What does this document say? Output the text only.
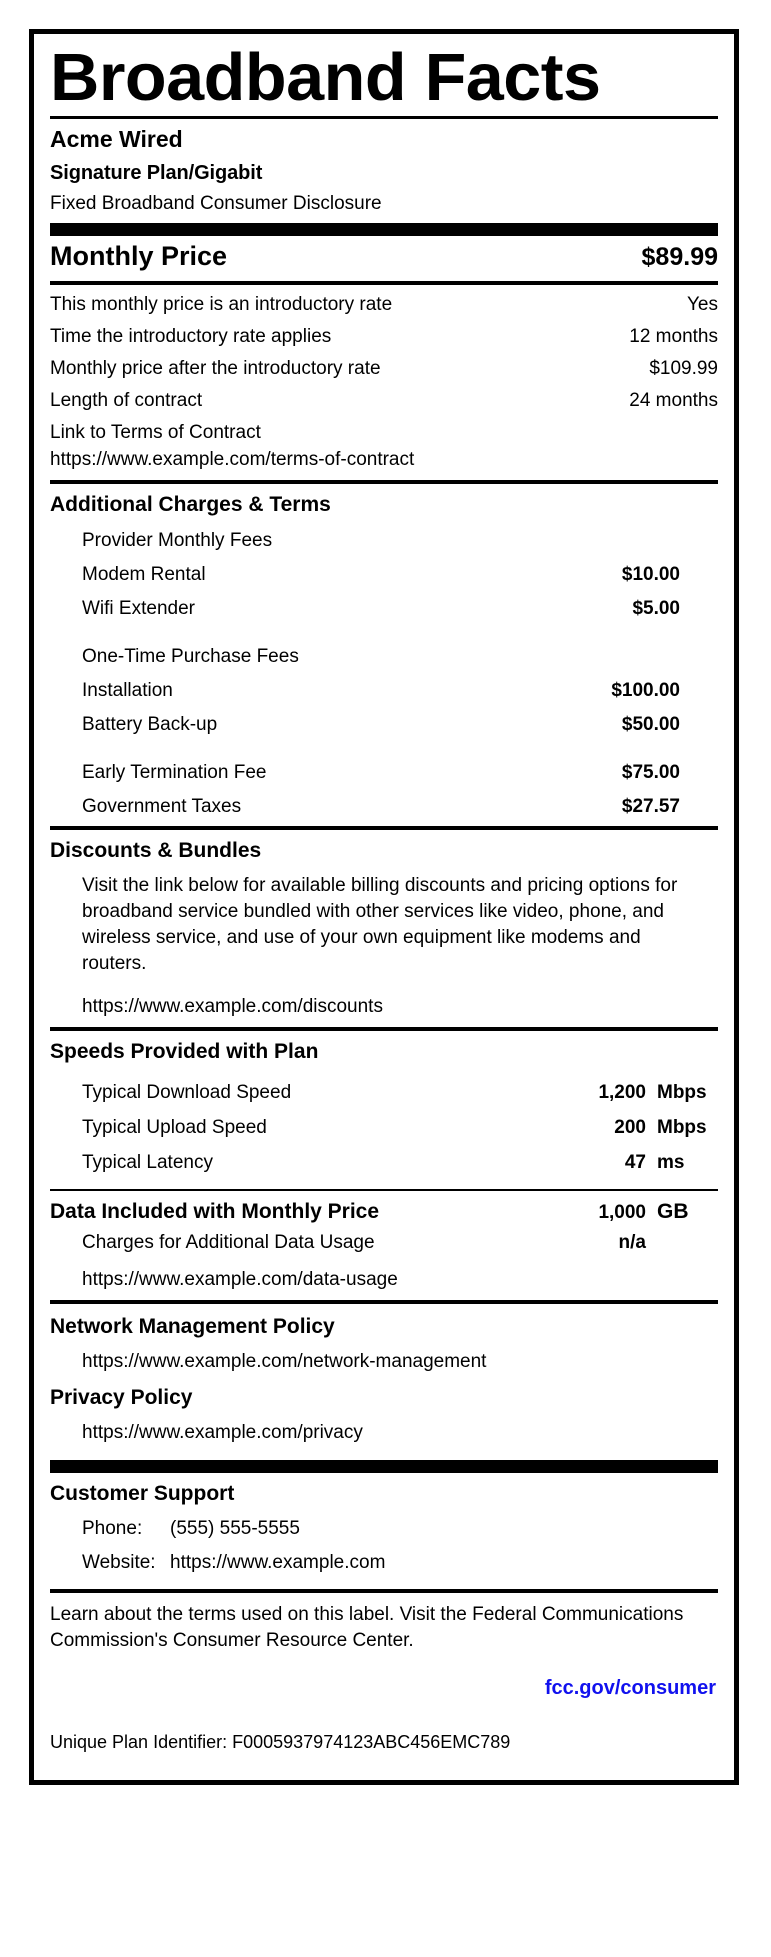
Broadband Facts
Acme Wired
Signature Plan/Gigabit
Fixed Broadband Consumer Disclosure
Monthly Price	$89.99
This monthly price is an introductory rate	Yes
Time the introductory rate applies	12 months
Monthly price after the introductory rate	$109.99
Length of contract	24 months
Link to Terms of Contract
https://www.example.com/terms-of-contract
Additional Charges & Terms
Provider Monthly Fees
Modem Rental	$10.00
Wifi Extender	$5.00
One-Time Purchase Fees
Installation	$100.00
Battery Back-up	$50.00
Early Termination Fee	$75.00
Government Taxes	$27.57
Discounts & Bundles
Visit the link below for available billing discounts and pricing options for broadband service bundled with other services like video, phone, and wireless service, and use of your own equipment like modems and routers.
https://www.example.com/discounts
Speeds Provided with Plan
Typical Download Speed	1,200 Mbps
Typical Upload Speed	200 Mbps
Typical Latency	47 ms
Data Included with Monthly Price	1,000 GB
Charges for Additional Data Usage	n/a
https://www.example.com/data-usage
Network Management Policy
https://www.example.com/network-management
Privacy Policy
https://www.example.com/privacy
Customer Support
Phone:	(555) 555-5555
Website: https://www.example.com
Learn about the terms used on this label. Visit the Federal Communications Commission's Consumer Resource Center.
fcc.gov/consumer
Unique Plan Identifier: F0005937974123ABC456EMC789
